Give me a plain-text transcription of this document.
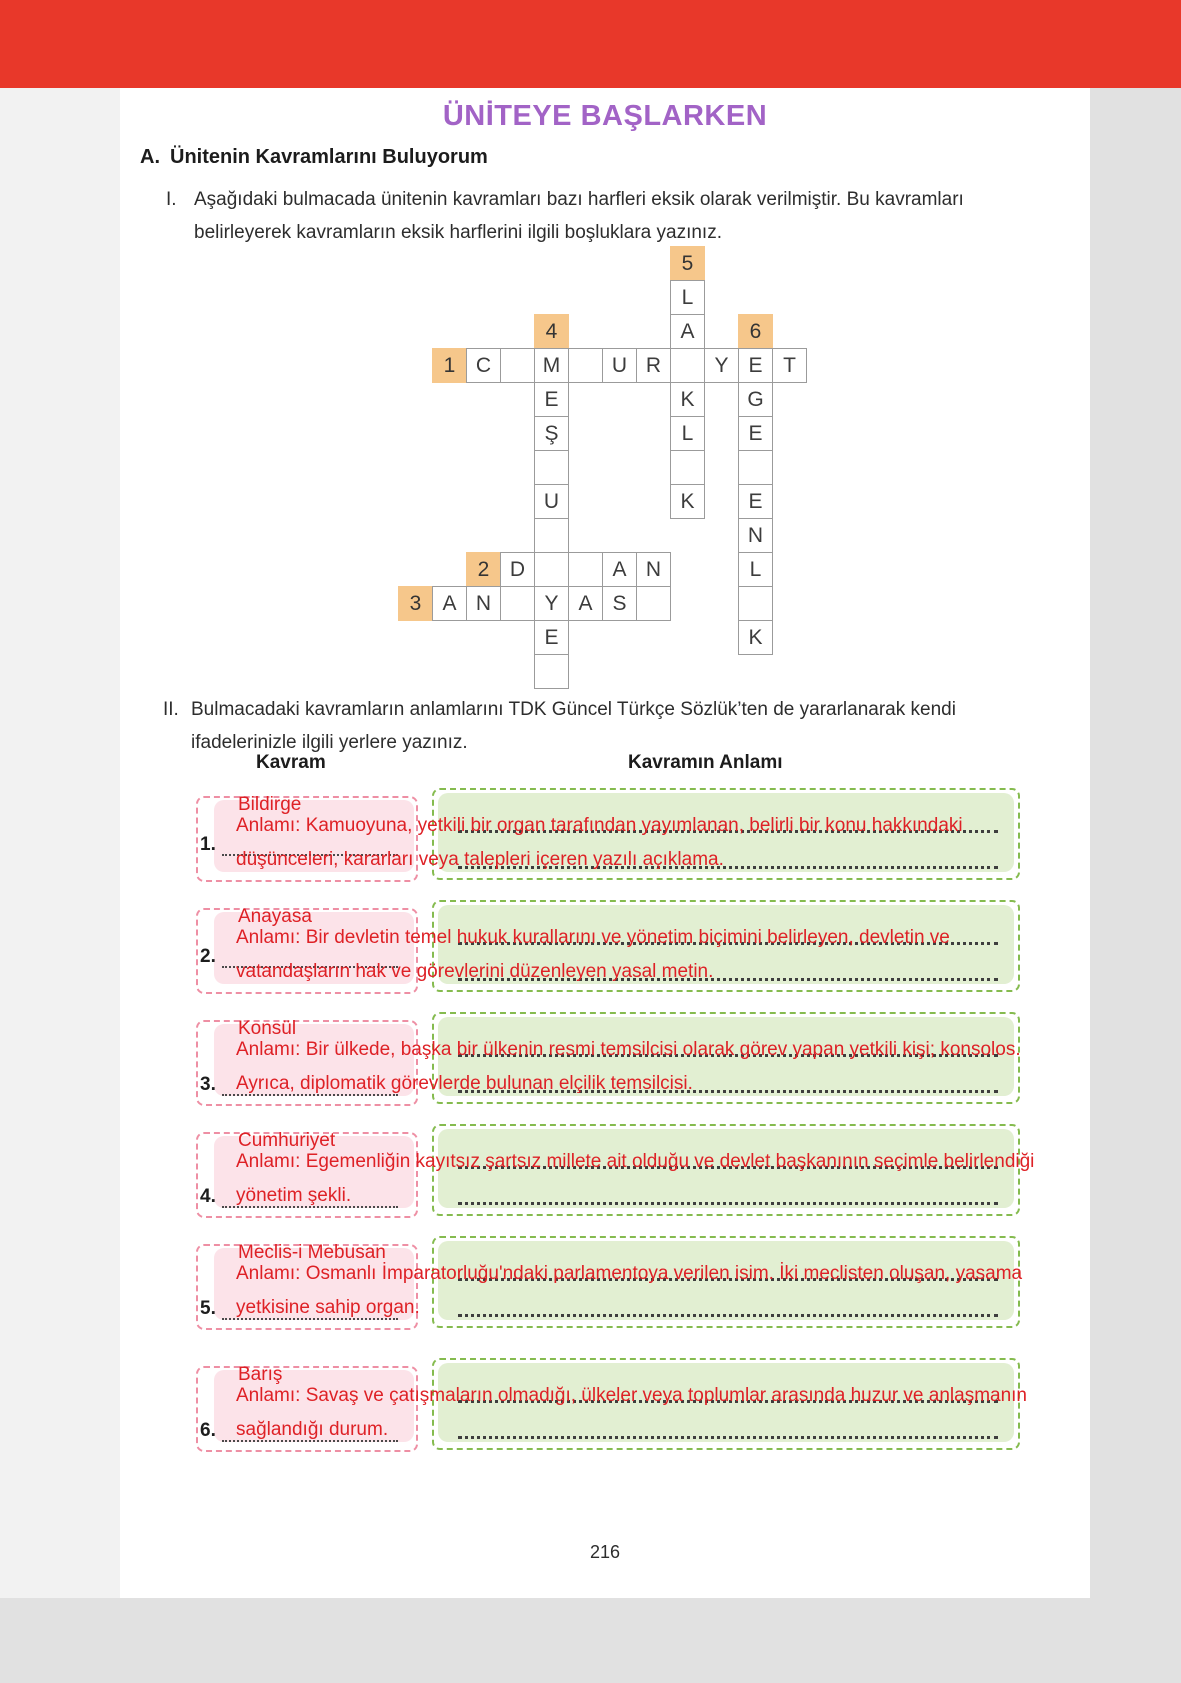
ÜNİTEYE BAŞLARKEN
A. Ünitenin Kavramlarını Buluyorum
I. Aşağıdaki bulmacada ünitenin kavramları bazı harfleri eksik olarak verilmiştir. Bu kavramları belirleyerek kavramların eksik harflerini ilgili boşluklara yazınız.
5
L
4	A	6
1 C	M	U R	Y E T
E	K	G
Ş	L	E
U	K	E
N
2 D	A N	L
3	A N	Y A S
E	K
II. Bulmacadaki kavramların anlamlarını TDK Güncel Türkçe Sözlük’ten de yararlanarak kendi ifadelerinizle ilgili yerlere yazınız.
Kavram	Kavramın Anlamı
1.
Bildirge
Anlamı: Kamuoyuna, yetkili bir organ tarafından yayımlanan, belirli bir konu hakkındaki
düşünceleri, kararları veya talepleri içeren yazılı açıklama.
2.
Anayasa
Anlamı: Bir devletin temel hukuk kurallarını ve yönetim biçimini belirleyen, devletin ve
vatandaşların hak ve görevlerini düzenleyen yasal metin.
3.
Konsül
Anlamı: Bir ülkede, başka bir ülkenin resmi temsilcisi olarak görev yapan yetkili kişi; konsolos.
Ayrıca, diplomatik görevlerde bulunan elçilik temsilcisi.
4.
Cumhuriyet
Anlamı: Egemenliğin kayıtsız şartsız millete ait olduğu ve devlet başkanının seçimle belirlendiği
yönetim şekli.
5.
Meclis-i Mebusan
Anlamı: Osmanlı İmparatorluğu'ndaki parlamentoya verilen isim. İki meclisten oluşan, yasama
yetkisine sahip organ.
6.
Barış
Anlamı: Savaş ve çatışmaların olmadığı, ülkeler veya toplumlar arasında huzur ve anlaşmanın
sağlandığı durum.
216
